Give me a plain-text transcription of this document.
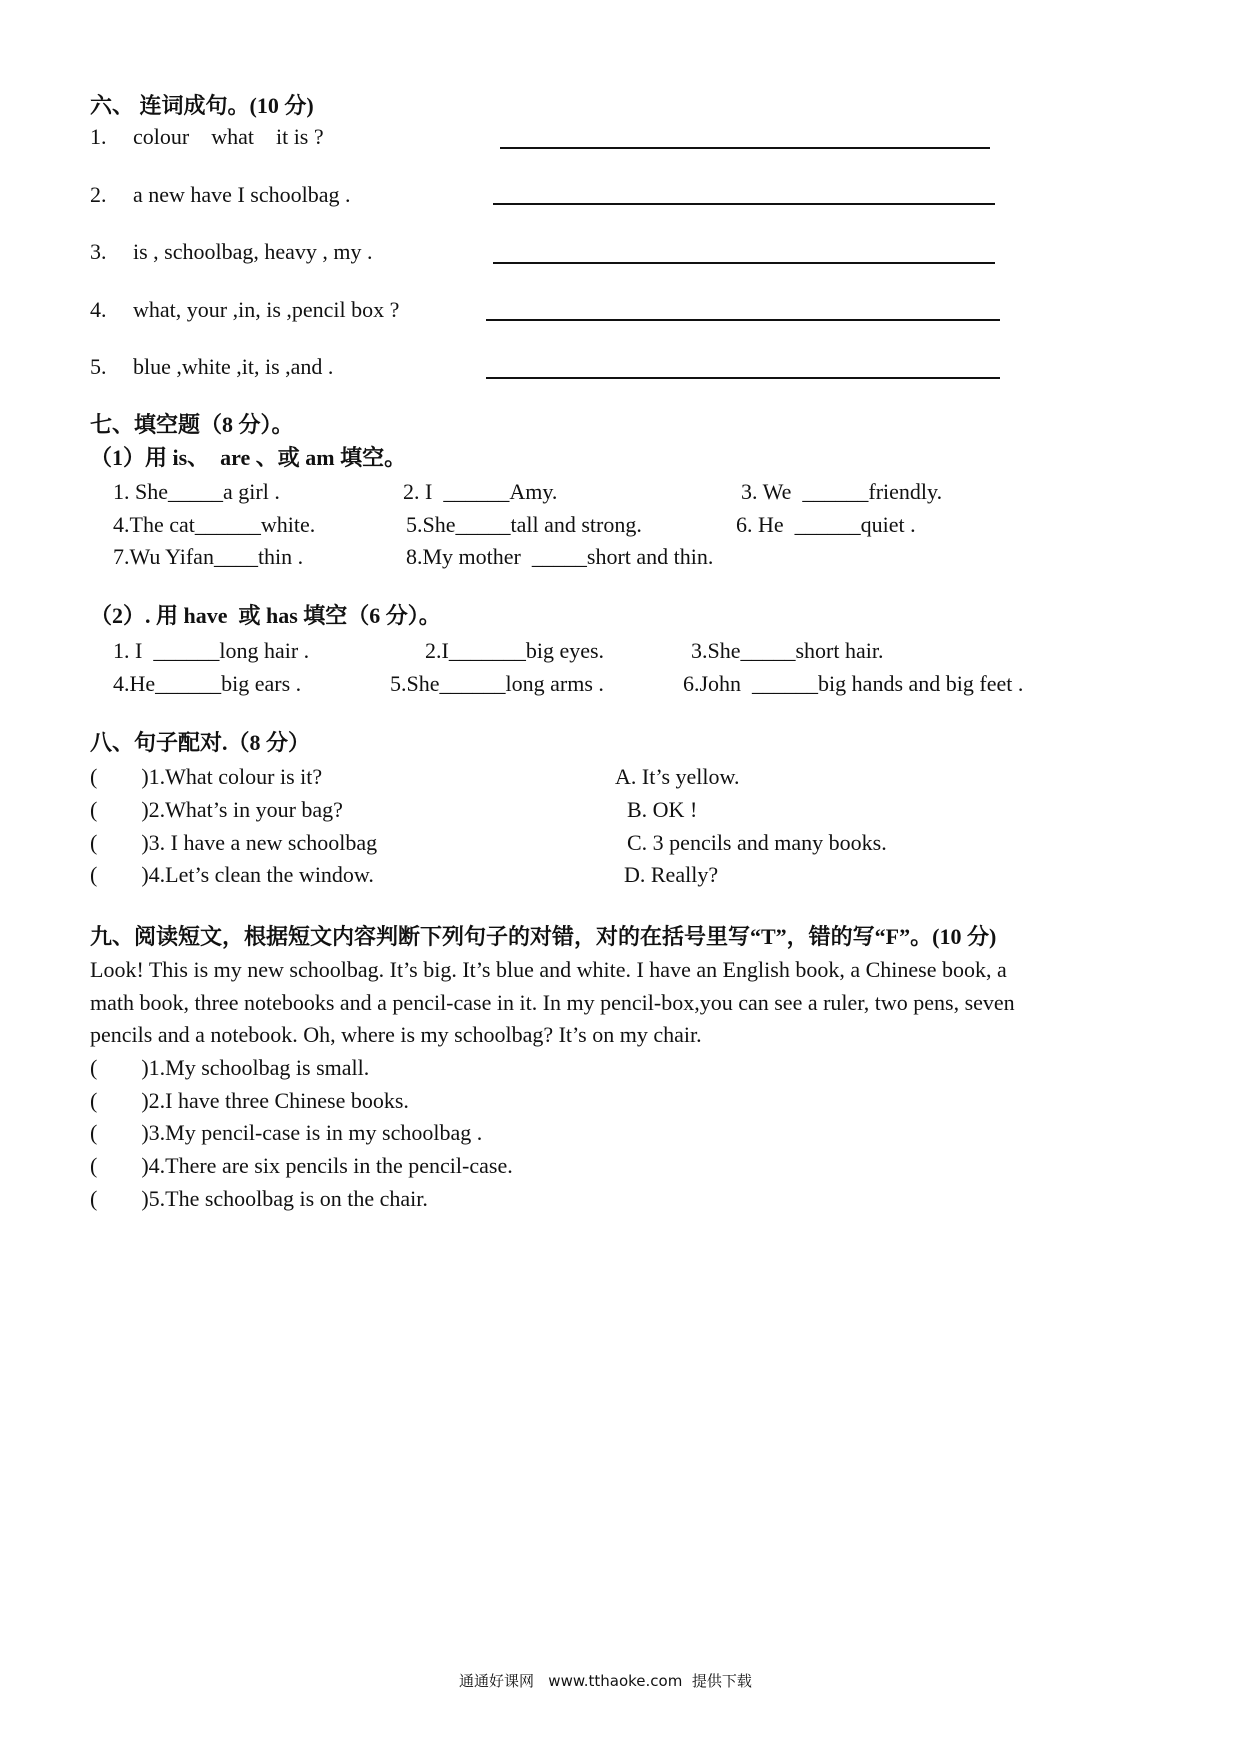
六、 连词成句。(10 分)
1. colour    what    it is ?
2. a new have I schoolbag .
3. is , schoolbag, heavy , my .
4. what, your ,in, is ,pencil box ?
5. blue ,white ,it, is ,and .
七、填空题（8 分）。
（1）用 is、  are 、或 am 填空。
1. She_____a girl .	2. I  ______Amy.	3. We  ______friendly.
4.The cat______white.	5.She_____tall and strong.	6. He  ______quiet .
7.Wu Yifan____thin .	8.My mother  _____short and thin.
（2）. 用 have  或 has 填空（6 分）。
1. I  ______long hair .	2.I_______big eyes.	3.She_____short hair.
4.He______big ears .	5.She______long arms .	6.John  ______big hands and big feet .
八、句子配对.（8 分）
(        )1.What colour is it?	A. It’s yellow.
(        )2.What’s in your bag?	B. OK !
(        )3. I have a new schoolbag	C. 3 pencils and many books.
(        )4.Let’s clean the window.	D. Really?
九、阅读短文，根据短文内容判断下列句子的对错，对的在括号里写“T”，错的写“F”。(10 分)
Look! This is my new schoolbag. It’s big. It’s blue and white. I have an English book, a Chinese book, a
math book, three notebooks and a pencil-case in it. In my pencil-box,you can see a ruler, two pens, seven
pencils and a notebook. Oh, where is my schoolbag? It’s on my chair.
(        )1.My schoolbag is small.
(        )2.I have three Chinese books.
(        )3.My pencil-case is in my schoolbag .
(        )4.There are six pencils in the pencil-case.
(        )5.The schoolbag is on the chair.
通通好课网   www.tthaoke.com  提供下载
